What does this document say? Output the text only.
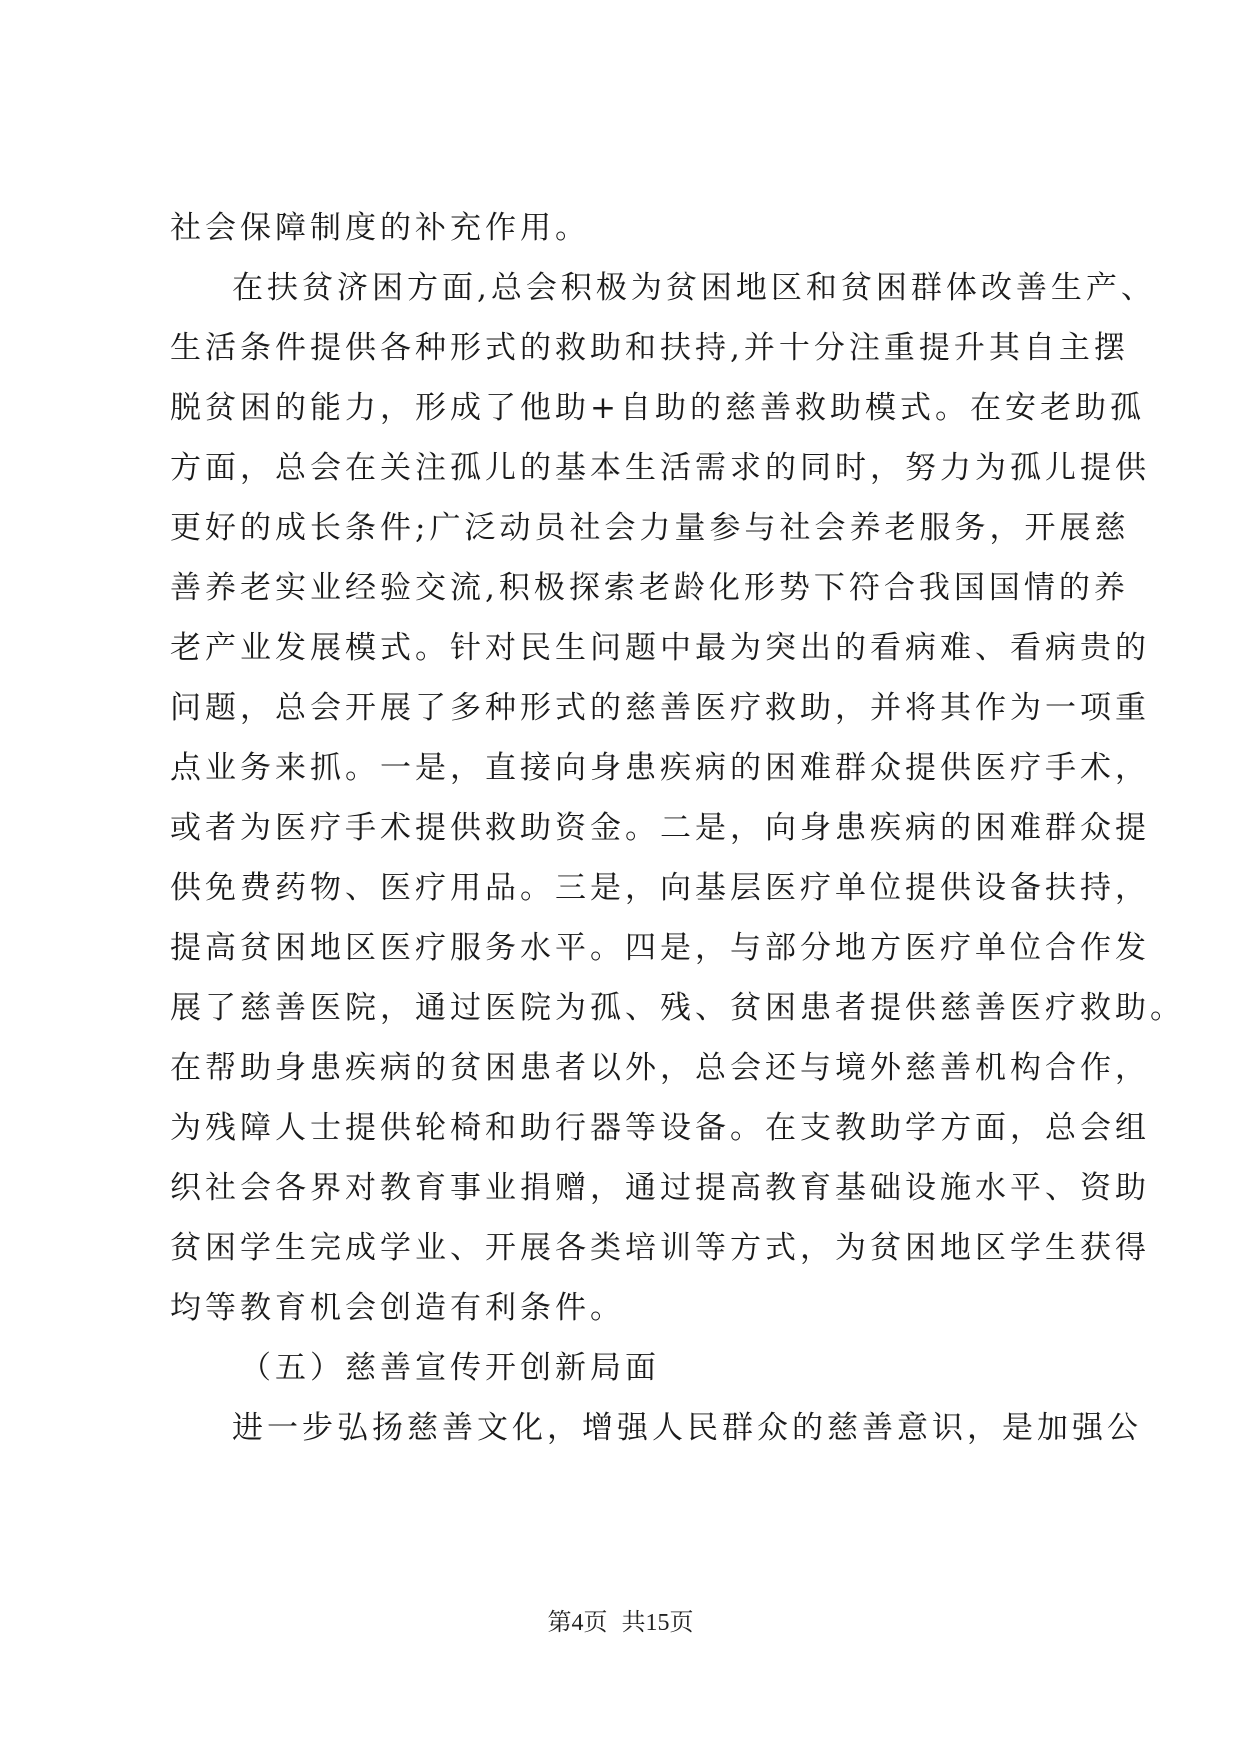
社会保障制度的补充作用。
在扶贫济困方面,总会积极为贫困地区和贫困群体改善生产、
生活条件提供各种形式的救助和扶持,并十分注重提升其自主摆
脱贫困的能力，形成了他助+自助的慈善救助模式。在安老助孤
方面，总会在关注孤儿的基本生活需求的同时，努力为孤儿提供
更好的成长条件;广泛动员社会力量参与社会养老服务，开展慈
善养老实业经验交流,积极探索老龄化形势下符合我国国情的养
老产业发展模式。针对民生问题中最为突出的看病难、看病贵的
问题，总会开展了多种形式的慈善医疗救助，并将其作为一项重
点业务来抓。一是，直接向身患疾病的困难群众提供医疗手术，
或者为医疗手术提供救助资金。二是，向身患疾病的困难群众提
供免费药物、医疗用品。三是，向基层医疗单位提供设备扶持，
提高贫困地区医疗服务水平。四是，与部分地方医疗单位合作发
展了慈善医院，通过医院为孤、残、贫困患者提供慈善医疗救助。
在帮助身患疾病的贫困患者以外，总会还与境外慈善机构合作，
为残障人士提供轮椅和助行器等设备。在支教助学方面，总会组
织社会各界对教育事业捐赠，通过提高教育基础设施水平、资助
贫困学生完成学业、开展各类培训等方式，为贫困地区学生获得
均等教育机会创造有利条件。
（五）慈善宣传开创新局面
进一步弘扬慈善文化，增强人民群众的慈善意识，是加强公
第4页 共15页
